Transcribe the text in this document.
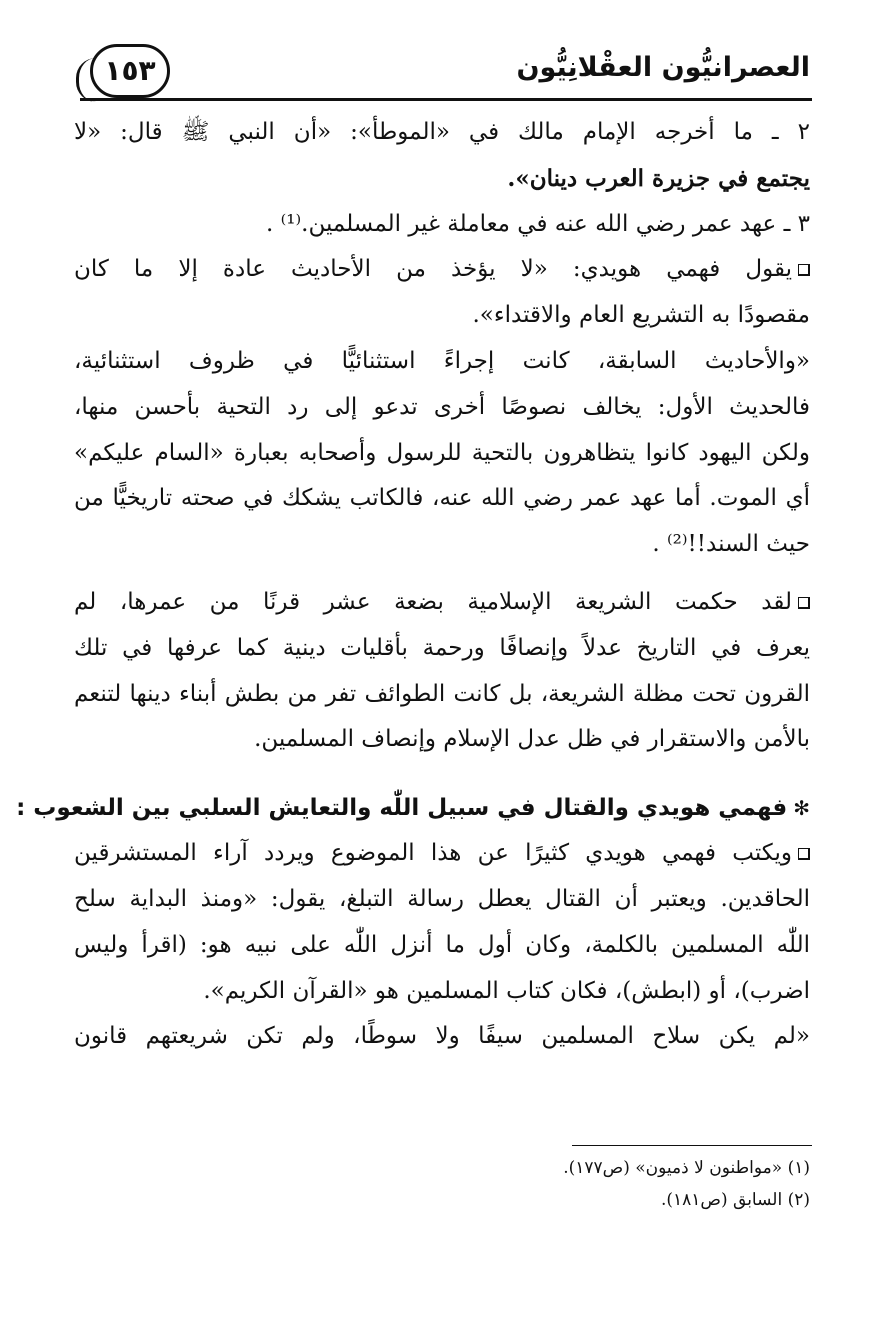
العصرانيُّون العقْلانِيُّون
١٥٣
٢ ـ ما أخرجه الإمام مالك في «الموطأ»: «أن النبي ﷺ قال: «لا
يجتمع في جزيرة العرب دينان».
٣ ـ عهد عمر رضي الله عنه في معاملة غير المسلمين.⁽¹⁾ .
يقول فهمي هويدي: «لا يؤخذ من الأحاديث عادة إلا ما كان
مقصودًا به التشريع العام والاقتداء».
«والأحاديث السابقة، كانت إجراءً استثنائيًّا في ظروف استثنائية،
فالحديث الأول: يخالف نصوصًا أخرى تدعو إلى رد التحية بأحسن منها،
ولكن اليهود كانوا يتظاهرون بالتحية للرسول وأصحابه بعبارة «السام عليكم»
أي الموت. أما عهد عمر رضي الله عنه، فالكاتب يشكك في صحته تاريخيًّا من
حيث السند!!⁽²⁾ .
لقد حكمت الشريعة الإسلامية بضعة عشر قرنًا من عمرها، لم
يعرف في التاريخ عدلاً وإنصافًا ورحمة بأقليات دينية كما عرفها في تلك
القرون تحت مظلة الشريعة، بل كانت الطوائف تفر من بطش أبناء دينها لتنعم
بالأمن والاستقرار في ظل عدل الإسلام وإنصاف المسلمين.
✻فهمي هويدي والقتال في سبيل اللّٰه والتعايش السلبي بين الشعوب :
ويكتب فهمي هويدي كثيرًا عن هذا الموضوع ويردد آراء المستشرقين
الحاقدين. ويعتبر أن القتال يعطل رسالة التبلغ، يقول: «ومنذ البداية سلح
اللّٰه المسلمين بالكلمة، وكان أول ما أنزل اللّٰه على نبيه هو: (اقرأ وليس
اضرب)، أو (ابطش)، فكان كتاب المسلمين هو «القرآن الكريم».
«لم يكن سلاح المسلمين سيفًا ولا سوطًا، ولم تكن شريعتهم قانون
(١) «مواطنون لا ذميون» (ص١٧٧).
(٢) السابق (ص١٨١).
